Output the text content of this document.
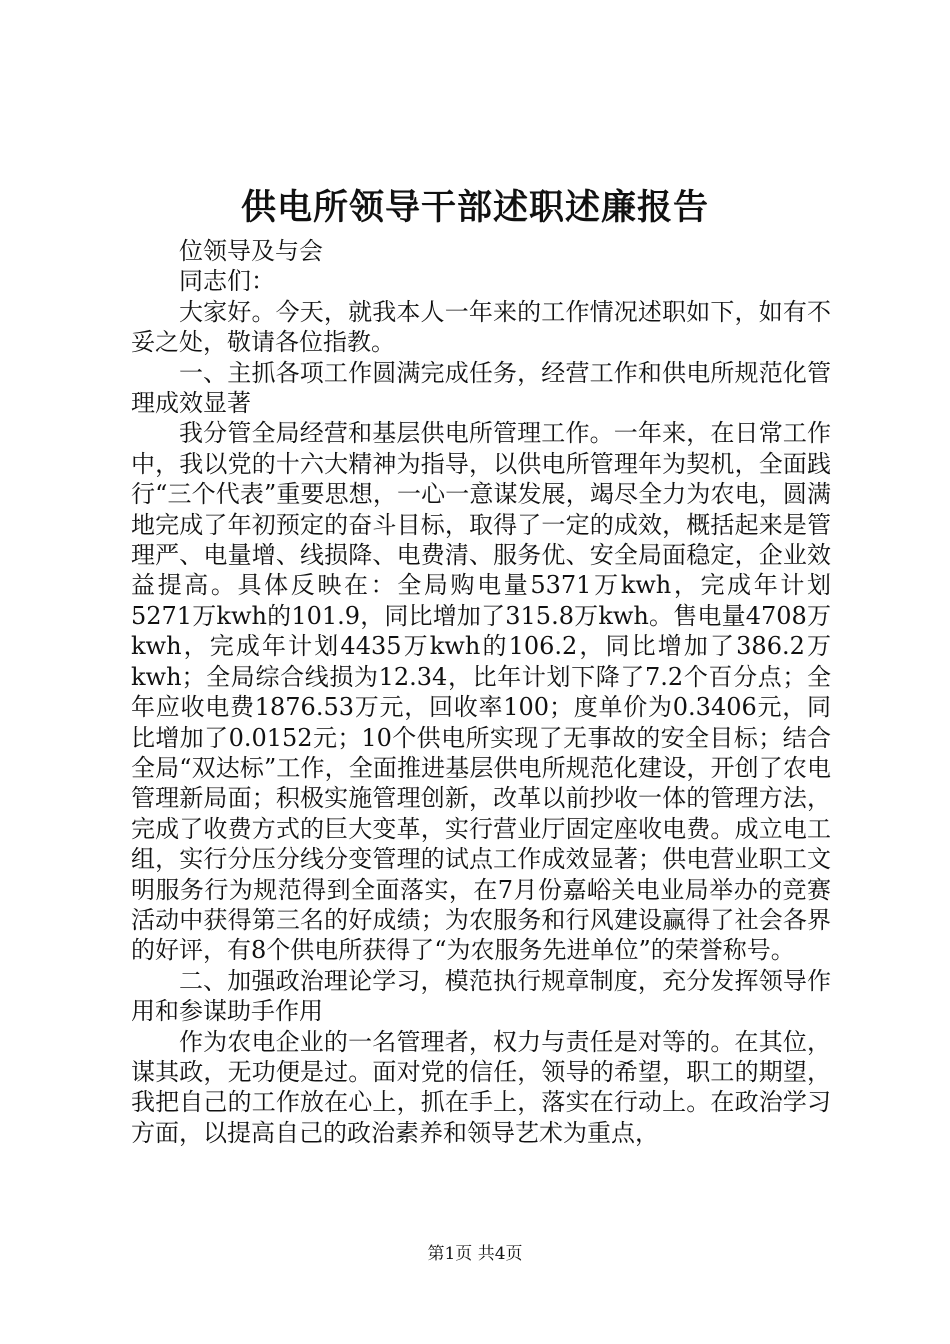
供电所领导干部述职述廉报告

位领导及与会

同志们：

大家好。今天，就我本人一年来的工作情况述职如下，如有不妥之处，敬请各位指教。

一、主抓各项工作圆满完成任务，经营工作和供电所规范化管理成效显著

我分管全局经营和基层供电所管理工作。一年来，在日常工作中，我以党的十六大精神为指导，以供电所管理年为契机，全面践行“三个代表”重要思想，一心一意谋发展，竭尽全力为农电，圆满地完成了年初预定的奋斗目标，取得了一定的成效，概括起来是管理严、电量增、线损降、电费清、服务优、安全局面稳定，企业效益提高。具体反映在：全局购电量5371万kwh，完成年计划5271万kwh的101.9，同比增加了315.8万kwh。售电量4708万kwh，完成年计划4435万kwh的106.2，同比增加了386.2万kwh；全局综合线损为12.34，比年计划下降了7.2个百分点；全年应收电费1876.53万元，回收率100；度单价为0.3406元，同比增加了0.0152元；10个供电所实现了无事故的安全目标；结合全局“双达标”工作，全面推进基层供电所规范化建设，开创了农电管理新局面；积极实施管理创新，改革以前抄收一体的管理方法，完成了收费方式的巨大变革，实行营业厅固定座收电费。成立电工组，实行分压分线分变管理的试点工作成效显著；供电营业职工文明服务行为规范得到全面落实，在7月份嘉峪关电业局举办的竞赛活动中获得第三名的好成绩；为农服务和行风建设赢得了社会各界的好评，有8个供电所获得了“为农服务先进单位”的荣誉称号。

二、加强政治理论学习，模范执行规章制度，充分发挥领导作用和参谋助手作用

作为农电企业的一名管理者，权力与责任是对等的。在其位，谋其政，无功便是过。面对党的信任，领导的希望，职工的期望，我把自己的工作放在心上，抓在手上，落实在行动上。在政治学习方面，以提高自己的政治素养和领导艺术为重点，

第1页 共4页
